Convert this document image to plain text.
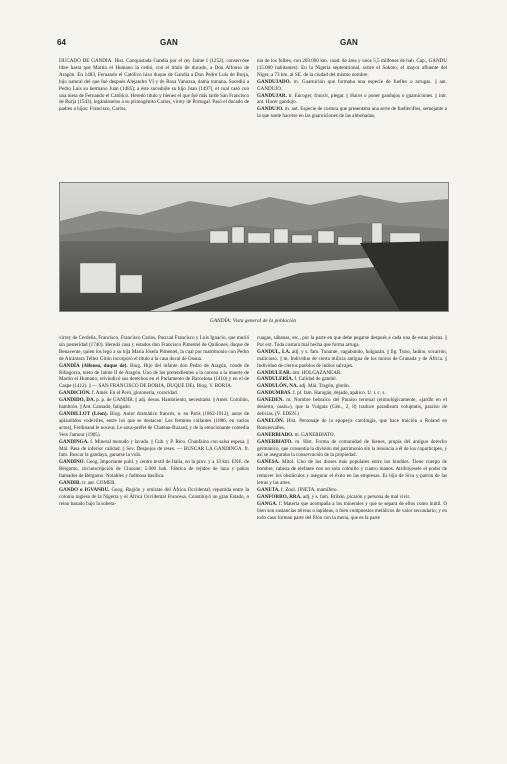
64	GAN	GAN

DUCADO DE GANDÍA. Hist. Conquistada Gandía por el rey Jaime I (1252), conservóse libre hasta que Martín el Humano la cedió, con el título de ducado, a Don Alfonso de Aragón. En 1483, Fernando el Católico hizo duque de Gandía a Don Pedro Luis de Borja, hijo natural del que fué después Alejandro VI y de Rosa Vanozza, dama romana. Sucedió a Pedro Luis su hermano Juan (1485); a éste sucedióle su hijo Juan (1497), el cual casó con una nieta de Fernando el Católico. Heredó título y bienes el que fué más tarde San Francisco de Borja (1543), legándoselos a su primogénito Carlos, virrey de Portugal. Pasó el ducado de padres a hijos: Francisco, Carlos,

nia de los fulbes, con 203.000 km. cuad. de área y unos 5,5 millones de hab. Cap., GANDU (15.000 habitantes). En la Nigeria septentrional, sobre el Sokoto, el mayor afluente del Níger, a 73 km. al SE. de la ciudad del mismo nombre.

GANDUJADO. m. Guarnición que formaba una especie de fuelles o arrugas. || ant. GANDUJO.

GANDUJAR. tr. Encoger, fruncir, plegar. || Hacer o poner gandujos o guarniciones. || intr. ant. Hacer gandujo.

GANDUJO. m. ant. Especie de costura que presentaba una serie de fuelleciflos, semejante a la que suele hacerse en las guarniciones de las almohadas,

GANDÍA: Vista general de la población

virrey de Cerdeña, Francisco, Francisco Carlos, Pascual Francisco y Luis Ignacio, que murió sin posteridad (1740). Heredó casa y estados don Francisco Pimentel de Quiñones, duque de Benavente, quien los legó a su hija María Josefa Pimentel, la cual por matrimonio con Pedro de Alcántara Téllez Girón incorporó el título a la casa ducal de Osuna.

GANDÍA (Alfonso, duque de). Biog. Hijo del infante don Pedro de Aragón, conde de Ribagorza, nieto de Jaime II de Aragón. Uno de los pretendientes a la corona a la muerte de Martín el Humano, reivindicó sus derechos en el Parlamento de Barcelona (1410) y en el de Caspe (1412). || — SAN FRANCISCO DE BORJA, DUQUE DE). Biog. V. BORJA.

GANDICIÓN. f. Amér. En el Perú, glotonería, voracidad.

GANDIDO, DA. p. p. de GANDIR. || adj. desus. Hambriento, necesitado. || Amér. Comilón, hambrón. || Ant. Cansado, fatigado.

GANDILLOT (Léon). Biog. Autor dramático francés, n. en París (1862-1912), autor de aplaudidos vodeviles, entre los que se destacan: Les femmes collantes (1886, en varios actos), Ferdinand le noceur, Le sous-préfet de Chateau-Buzard, y de la emocionante comedia Vers l'amour (1905).

GANDINGA. f. Mineral menudo y lavado. || Cub. y P. Rico. Chanfaina con salsa espesa. || Mál. Pasa de inferior calidad. || Sev. Despojos de reses. — BUSCAR LA GANDINGA. fr. fam. Buscar la gandaya, ganarse la vida.

GANDINO. Geog. Importante publ. y centro textil de Italia, en la prov. y a 13 km. ENE. de Bérgamo, circunscripción de Clusone; 5.000 hab. Fábrica de tejidos de lana y paños llamados de Bérgamo. Notables y fadmosa basílica.

GANDIR. tr. ant. COMER.

GANDO o IGVANDU. Geog. Región y emirato del África Occidental, repartida entre la colonia inglesa de la Nigeria y el África Occidental Francesa. Constituyó un gran Estado, o reino basado bajo la sobera-

cuagas, sábanas, etc., por la parte en que debe pegarse después a cada una de estas piezas. || Por ext. Toda costura mal hecha que forma arruga.

GANDUL, LA. adj. y s. fam. Tunante, vagabundo, holgazán. || fig. Tuno, ladino, socarrón, malicioso. || m. Individuo de cierta milicia antigua de los moros de Granada y de África. || Individuo de ciertos pueblos de indios salvajes.

GANDULEAR. intr. HOLGAZANEAR.

GANDULERÍA. f. Calidad de gandul.

GANDULÓN, NA. adj. Mál. Tragón, glotón.

GANDUMBAS. f. pl. fam. Haragán, dejado, apático. U. t. c. s.

GANEDEN. m. Nombre hebraico del Paraíso terrenal (etimológicamente, «jardín en el desierto, oasis»), que la Vulgata (Gén., 2, 8) traduce paradisum voluptatis, paraíso de delicias. (V. EDEN.)

GANELÓN. Hist. Personaje de la epopeya carolingia, que hace traición a Roland en Roncesvalles.

GANERBIADO. m. GANERBIATO.

GANERBIATO. m. Hist. Forma de comunidad de bienes, propia del antiguo derecho germánico, que consentía la división del patrimonio sin la renuncia a él de los copartícipes, y así se aseguraba la conservación de la propiedad.

GANESA. Mitol. Uno de los dioses más populares entre los hindúes. Tiene cuerpo de hombre, cabeza de elefante con un solo colmillo y cuatro manos. Atribúyesele el poder de remover los obstáculos y asegurar el éxito en las empresas. Es hijo de Siva y patrón de las letras y las artes.

GANETA. f. Zool. JINETA, mamífero.

GANFORRO, RRA. adj. y s. fam. Bribón, picarón y persona de mal vivir.

GANGA. f. Materia que acompaña a los minerales y que se separa de ellos como inútil. O bien son sustancias térreas o lapídeas, o bien compuestos metálicos de valor secundario, y en todo caso forman parte del filón con la mena, que es la parte
